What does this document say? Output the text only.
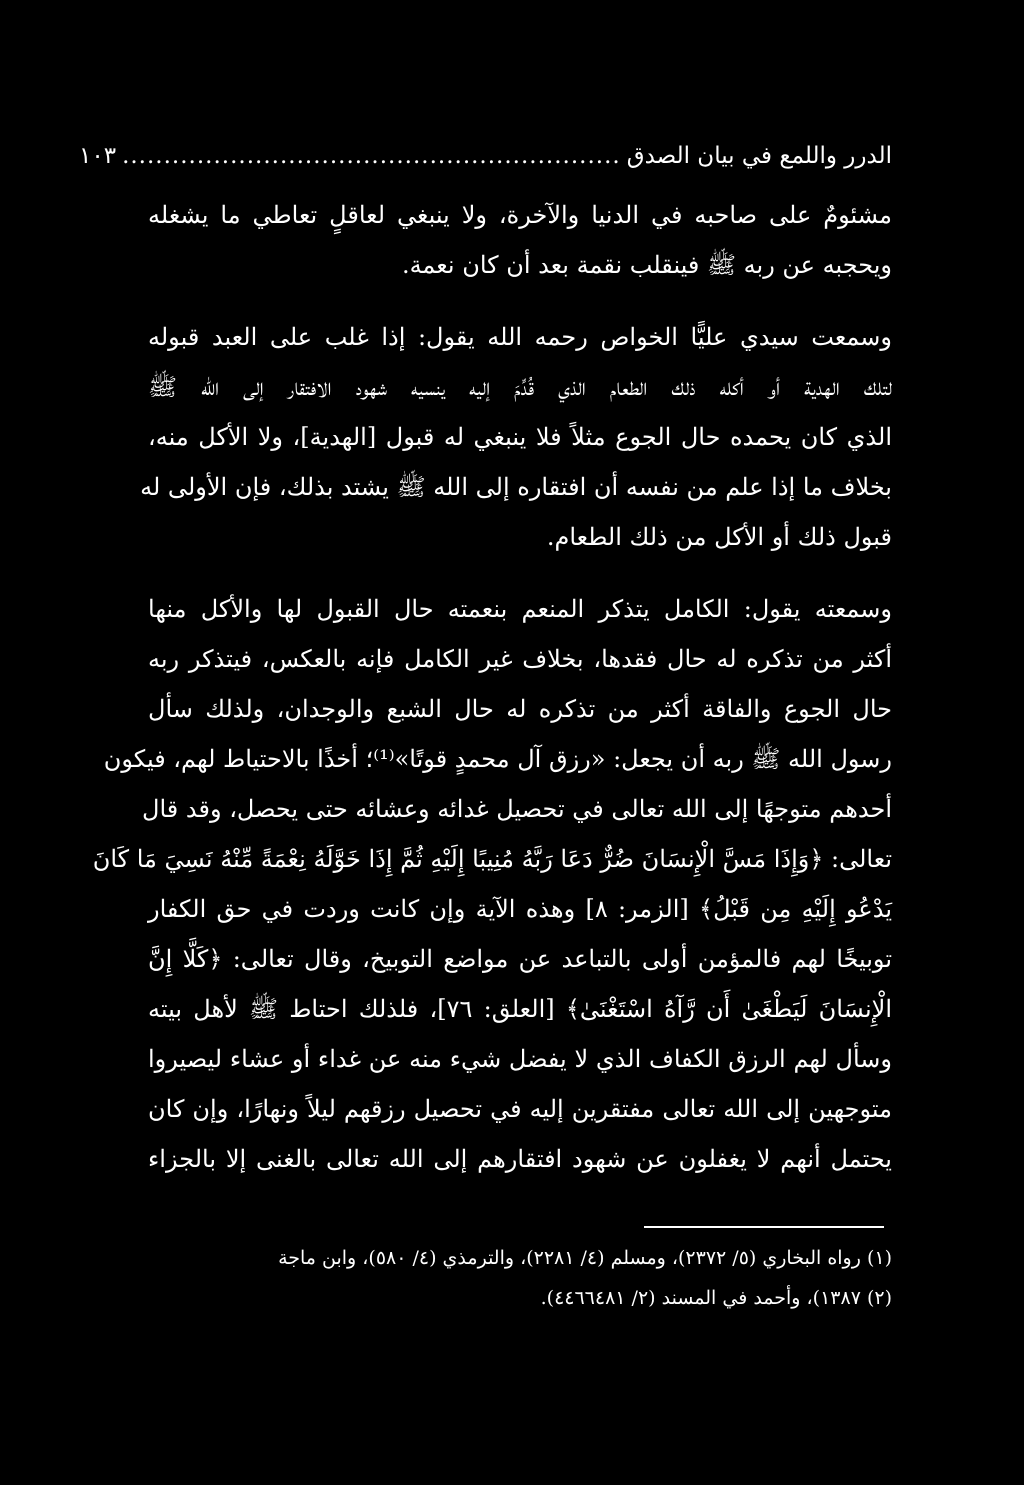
الدرر واللمع في بيان الصدق
............................................................
١٠٣
مشئومٌ على صاحبه في الدنيا والآخرة، ولا ينبغي لعاقلٍ تعاطي ما يشغله
ويحجبه عن ربه ﷺ فينقلب نقمة بعد أن كان نعمة.
وسمعت سيدي عليًّا الخواص رحمه الله يقول: إذا غلب على العبد قبوله
لتلك الهدية أو أكله ذلك الطعام الذي قُدِّمَ إليه ينسيه شهود الافتقار إلى الله ﷺ
الذي كان يحمده حال الجوع مثلاً فلا ينبغي له قبول [الهدية]، ولا الأكل منه،
بخلاف ما إذا علم من نفسه أن افتقاره إلى الله ﷺ يشتد بذلك، فإن الأولى له
قبول ذلك أو الأكل من ذلك الطعام.
وسمعته يقول: الكامل يتذكر المنعم بنعمته حال القبول لها والأكل منها
أكثر من تذكره له حال فقدها، بخلاف غير الكامل فإنه بالعكس، فيتذكر ربه
حال الجوع والفاقة أكثر من تذكره له حال الشبع والوجدان، ولذلك سأل
رسول الله ﷺ ربه أن يجعل: «رزق آل محمدٍ قوتًا»⁽¹⁾؛ أخذًا بالاحتياط لهم، فيكون
أحدهم متوجهًا إلى الله تعالى في تحصيل غدائه وعشائه حتى يحصل، وقد قال
تعالى: ﴿وَإِذَا مَسَّ الْإِنسَانَ ضُرٌّ دَعَا رَبَّهُ مُنِيبًا إِلَيْهِ ثُمَّ إِذَا خَوَّلَهُ نِعْمَةً مِّنْهُ نَسِيَ مَا كَانَ
يَدْعُو إِلَيْهِ مِن قَبْلُ﴾ [الزمر: ٨] وهذه الآية وإن كانت وردت في حق الكفار
توبيخًا لهم فالمؤمن أولى بالتباعد عن مواضع التوبيخ، وقال تعالى: ﴿كَلَّا إِنَّ
الْإِنسَانَ لَيَطْغَىٰ أَن رَّآهُ اسْتَغْنَىٰ﴾ [العلق: ٧٦]، فلذلك احتاط ﷺ لأهل بيته
وسأل لهم الرزق الكفاف الذي لا يفضل شيء منه عن غداء أو عشاء ليصيروا
متوجهين إلى الله تعالى مفتقرين إليه في تحصيل رزقهم ليلاً ونهارًا، وإن كان
يحتمل أنهم لا يغفلون عن شهود افتقارهم إلى الله تعالى بالغنى إلا بالجزاء
(١) رواه البخاري (٥/ ٢٣٧٢)، ومسلم (٤/ ٢٢٨١)، والترمذي (٤/ ٥٨٠)، وابن ماجة
(٢) ١٣٨٧)، وأحمد في المسند (٢/ ٤٤٦٦٤٨١).
